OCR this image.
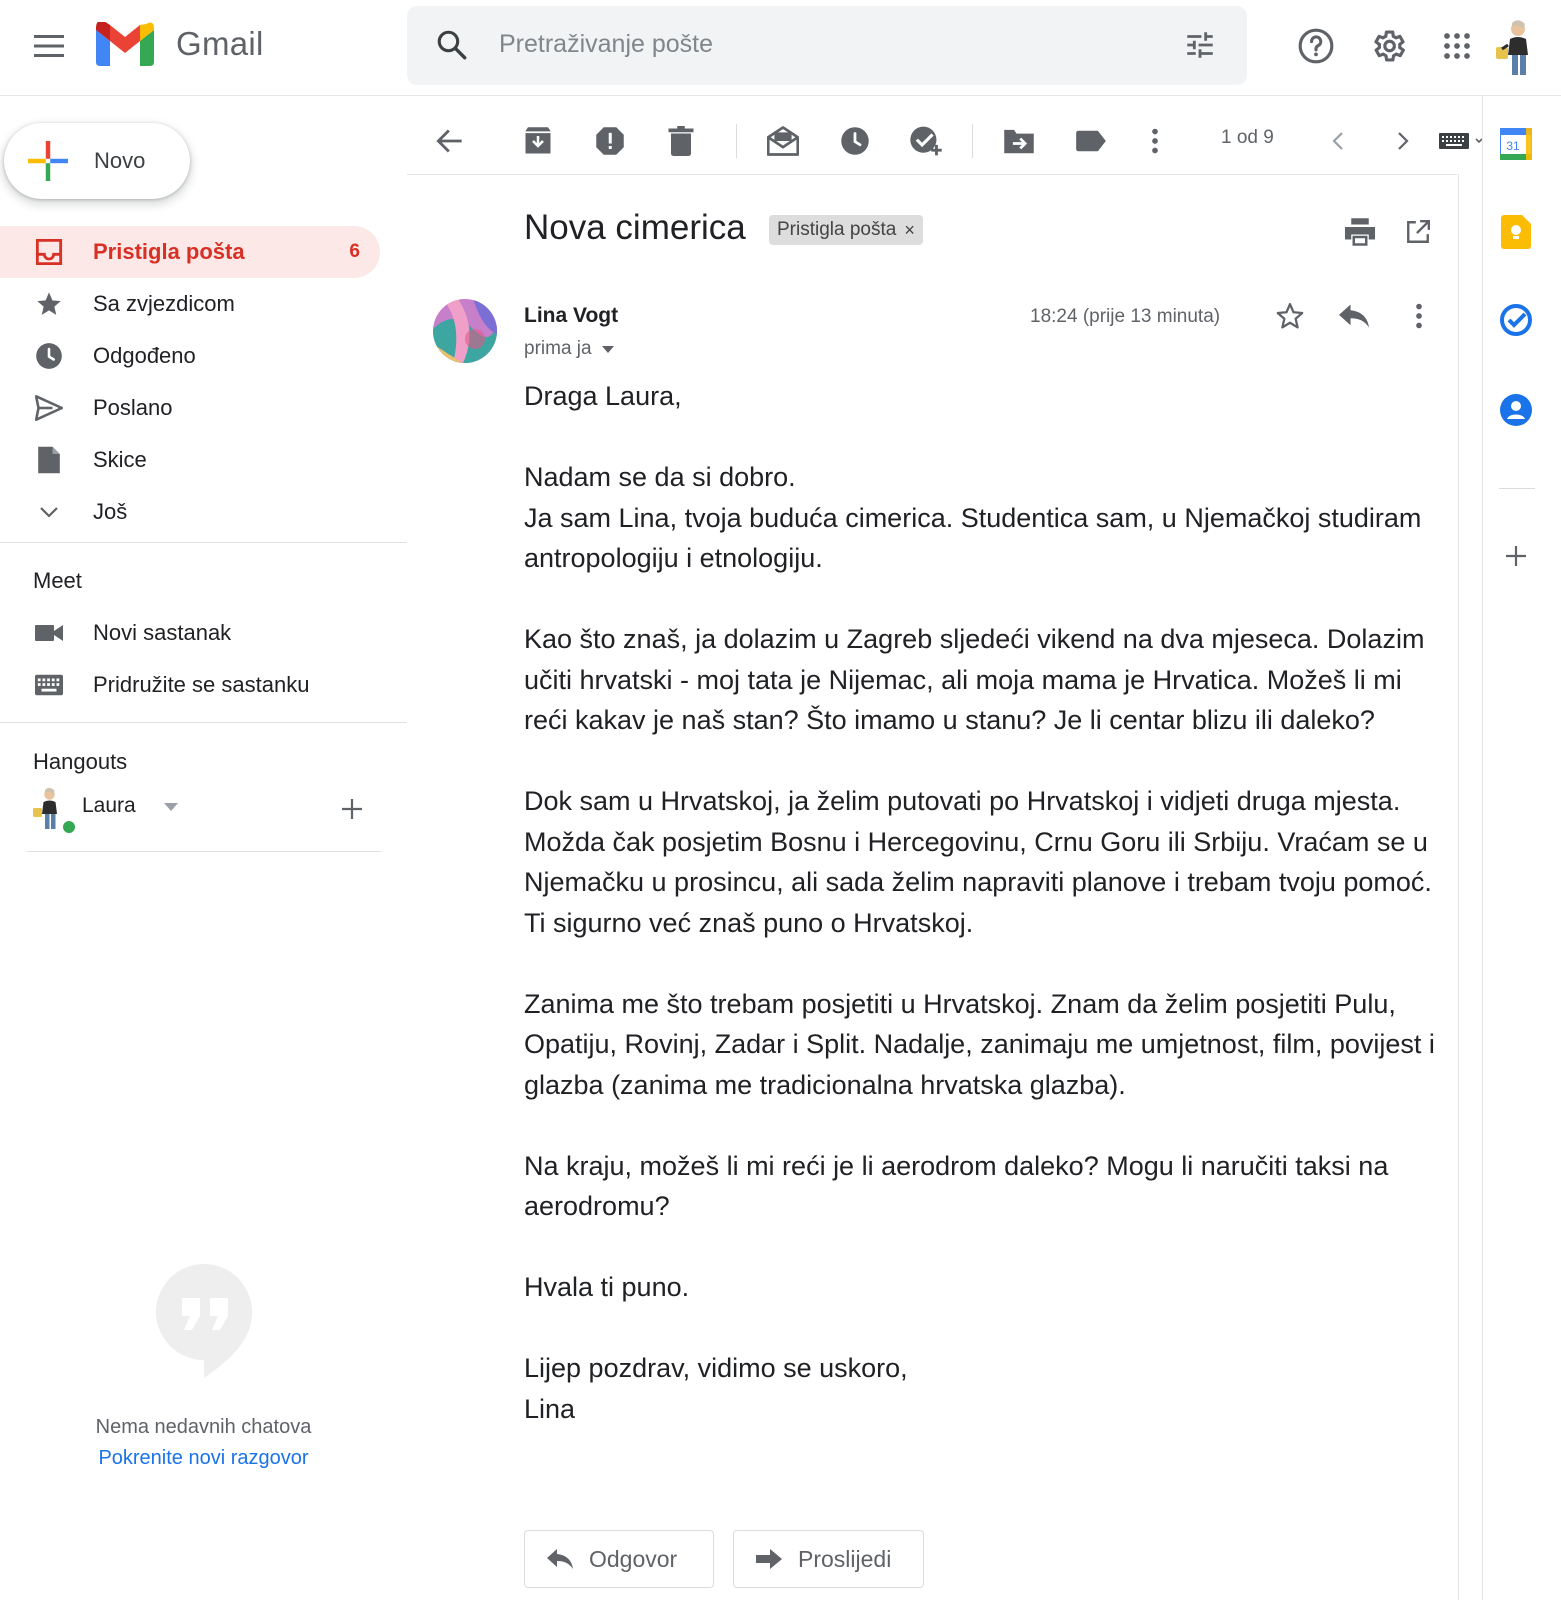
Gmail
Pretraživanje pošte
Novo
Pristigla pošta	6
Sa zvjezdicom
Odgođeno
Poslano
Skice
Još
Meet
Novi sastanak
Pridružite se sastanku
Hangouts
Laura
Nema nedavnih chatova
Pokrenite novi razgovor
1 od 9
Nova cimerica Pristigla pošta ×
Lina Vogt
prima ja
18:24 (prije 13 minuta)
Draga Laura,

Nadam se da si dobro.
Ja sam Lina, tvoja buduća cimerica. Studentica sam, u Njemačkoj studiram antropologiju i etnologiju.

Kao što znaš, ja dolazim u Zagreb sljedeći vikend na dva mjeseca. Dolazim učiti hrvatski - moj tata je Nijemac, ali moja mama je Hrvatica. Možeš li mi reći kakav je naš stan? Što imamo u stanu? Je li centar blizu ili daleko?

Dok sam u Hrvatskoj, ja želim putovati po Hrvatskoj i vidjeti druga mjesta. Možda čak posjetim Bosnu i Hercegovinu, Crnu Goru ili Srbiju. Vraćam se u Njemačku u prosincu, ali sada želim napraviti planove i trebam tvoju pomoć. Ti sigurno već znaš puno o Hrvatskoj.

Zanima me što trebam posjetiti u Hrvatskoj. Znam da želim posjetiti Pulu, Opatiju, Rovinj, Zadar i Split. Nadalje, zanimaju me umjetnost, film, povijest i glazba (zanima me tradicionalna hrvatska glazba).

Na kraju, možeš li mi reći je li aerodrom daleko? Mogu li naručiti taksi na aerodromu?

Hvala ti puno.

Lijep pozdrav, vidimo se uskoro,
Lina
Odgovor	Proslijedi
31
